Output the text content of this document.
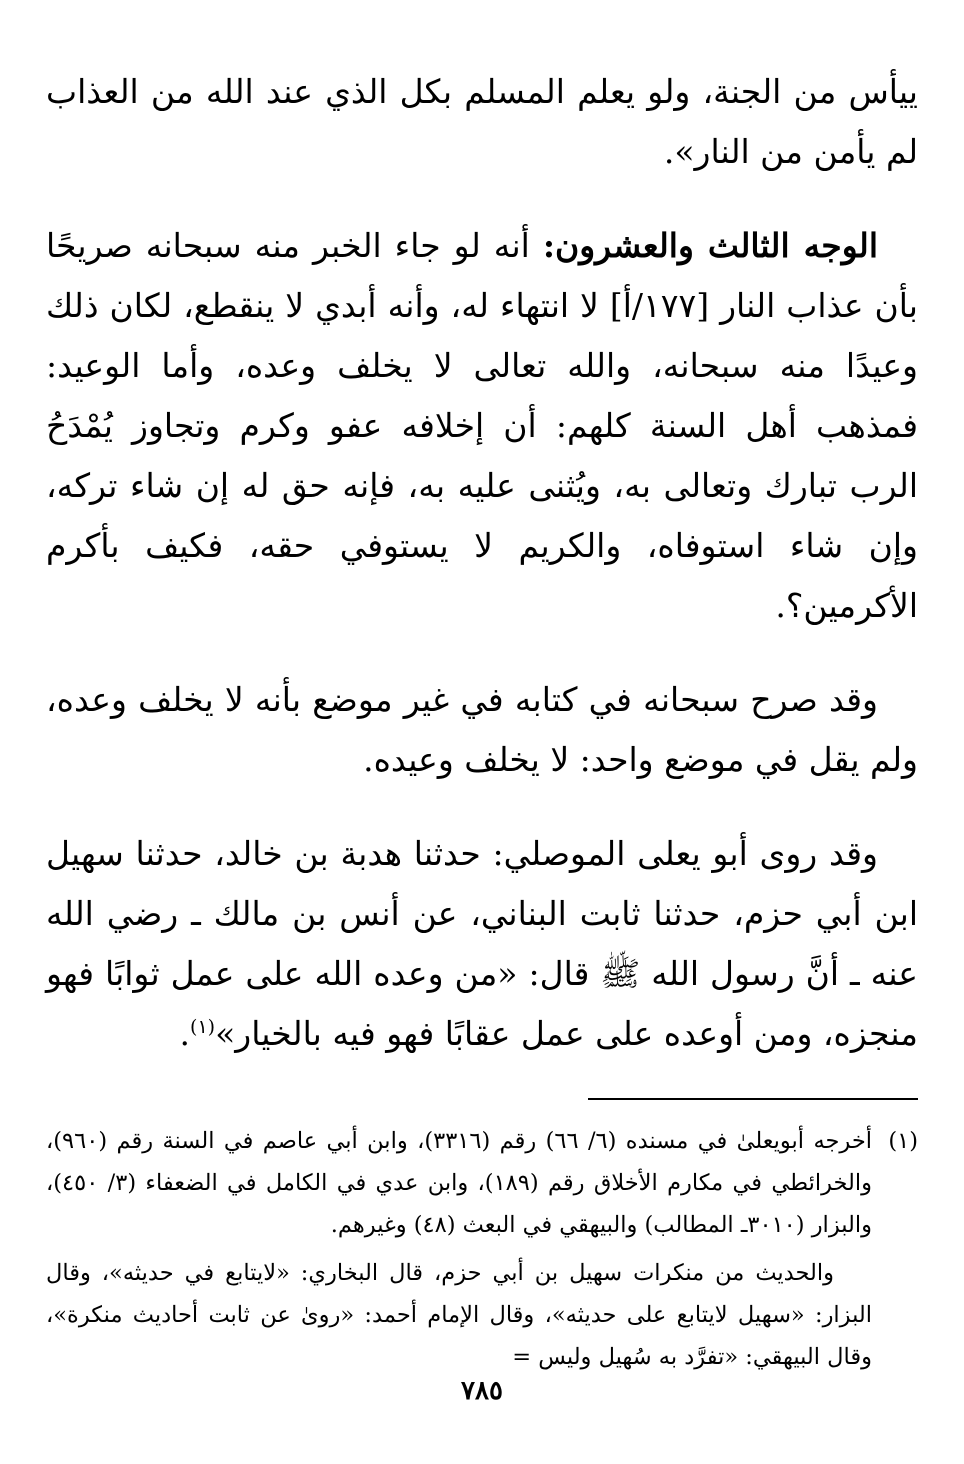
ييأس من الجنة، ولو يعلم المسلم بكل الذي عند الله من العذاب لم يأمن من النار».

الوجه الثالث والعشرون: أنه لو جاء الخبر منه سبحانه صريحًا بأن عذاب النار [١٧٧/أ] لا انتهاء له، وأنه أبدي لا ينقطع، لكان ذلك وعيدًا منه سبحانه، والله تعالى لا يخلف وعده، وأما الوعيد: فمذهب أهل السنة كلهم: أن إخلافه عفو وكرم وتجاوز يُمْدَحُ الرب تبارك وتعالى به، ويُثنى عليه به، فإنه حق له إن شاء تركه، وإن شاء استوفاه، والكريم لا يستوفي حقه، فكيف بأكرم الأكرمين؟.

وقد صرح سبحانه في كتابه في غير موضع بأنه لا يخلف وعده، ولم يقل في موضع واحد: لا يخلف وعيده.

وقد روى أبو يعلى الموصلي: حدثنا هدبة بن خالد، حدثنا سهيل ابن أبي حزم، حدثنا ثابت البناني، عن أنس بن مالك ـ رضي الله عنه ـ أنَّ رسول الله ﷺ قال: «من وعده الله على عمل ثوابًا فهو منجزه، ومن أوعده على عمل عقابًا فهو فيه بالخيار»$^{(١)}$.

(١)
أخرجه أبويعلىٰ في مسنده (٦/ ٦٦) رقم (٣٣١٦)، وابن أبي عاصم في السنة رقم (٩٦٠)، والخرائطي في مكارم الأخلاق رقم (١٨٩)، وابن عدي في الكامل في الضعفاء (٣/ ٤٥٠)، والبزار (٣٠١٠ـ المطالب) والبيهقي في البعث (٤٨) وغيرهم.
والحديث من منكرات سهيل بن أبي حزم، قال البخاري: «لايتابع في حديثه»، وقال البزار: «سهيل لايتابع على حديثه»، وقال الإمام أحمد: «روىٰ عن ثابت أحاديث منكرة»، وقال البيهقي: «تفرَّد به سُهيل وليس =
٧٨٥
